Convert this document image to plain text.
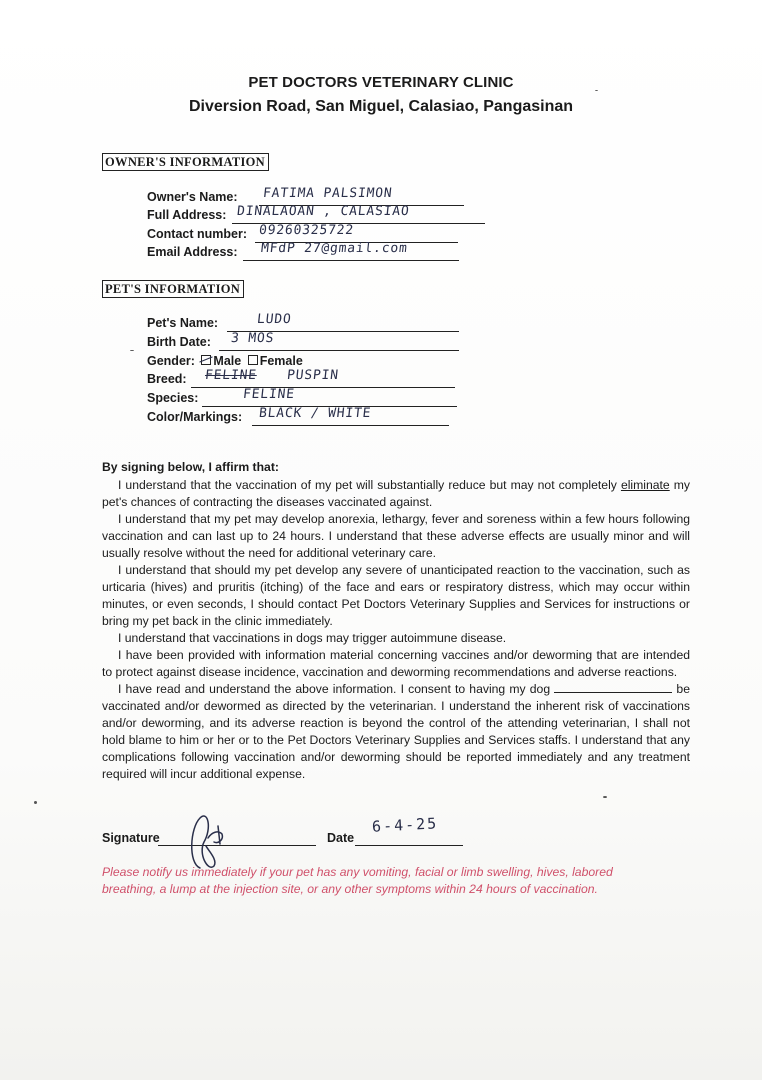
PET DOCTORS VETERINARY CLINIC
Diversion Road, San Miguel, Calasiao, Pangasinan
OWNER'S INFORMATION
Owner's Name: FATIMA PALSIMON
Full Address: DINALAOAN , CALASIAO
Contact number: 09260325722
Email Address: MFdP 27@gmail.com
PET'S INFORMATION
Pet's Name:	LUDO
Birth Date: 3 MOS
Gender: Male Female
Breed: FELINE PUSPIN
Species:	FELINE
Color/Markings: BLACK / WHITE
By signing below, I affirm that:

I understand that the vaccination of my pet will substantially reduce but may not completely eliminate my pet's chances of contracting the diseases vaccinated against.

I understand that my pet may develop anorexia, lethargy, fever and soreness within a few hours following vaccination and can last up to 24 hours. I understand that these adverse effects are usually minor and will usually resolve without the need for additional veterinary care.

I understand that should my pet develop any severe of unanticipated reaction to the vaccination, such as urticaria (hives) and pruritis (itching) of the face and ears or respiratory distress, which may occur within minutes, or even seconds, I should contact Pet Doctors Veterinary Supplies and Services for instructions or bring my pet back in the clinic immediately.

I understand that vaccinations in dogs may trigger autoimmune disease.

I have been provided with information material concerning vaccines and/or deworming that are intended to protect against disease incidence, vaccination and deworming recommendations and adverse reactions.

I have read and understand the above information. I consent to having my dog	be vaccinated and/or dewormed as directed by the veterinarian. I understand the inherent risk of vaccinations and/or deworming, and its adverse reaction is beyond the control of the attending veterinarian, I shall not hold blame to him or her or to the Pet Doctors Veterinary Supplies and Services staffs. I understand that any complications following vaccination and/or deworming should be reported immediately and any treatment required will incur additional expense.

Signature	Date
6-4-25
Please notify us immediately if your pet has any vomiting, facial or limb swelling, hives, labored breathing, a lump at the injection site, or any other symptoms within 24 hours of vaccination.
